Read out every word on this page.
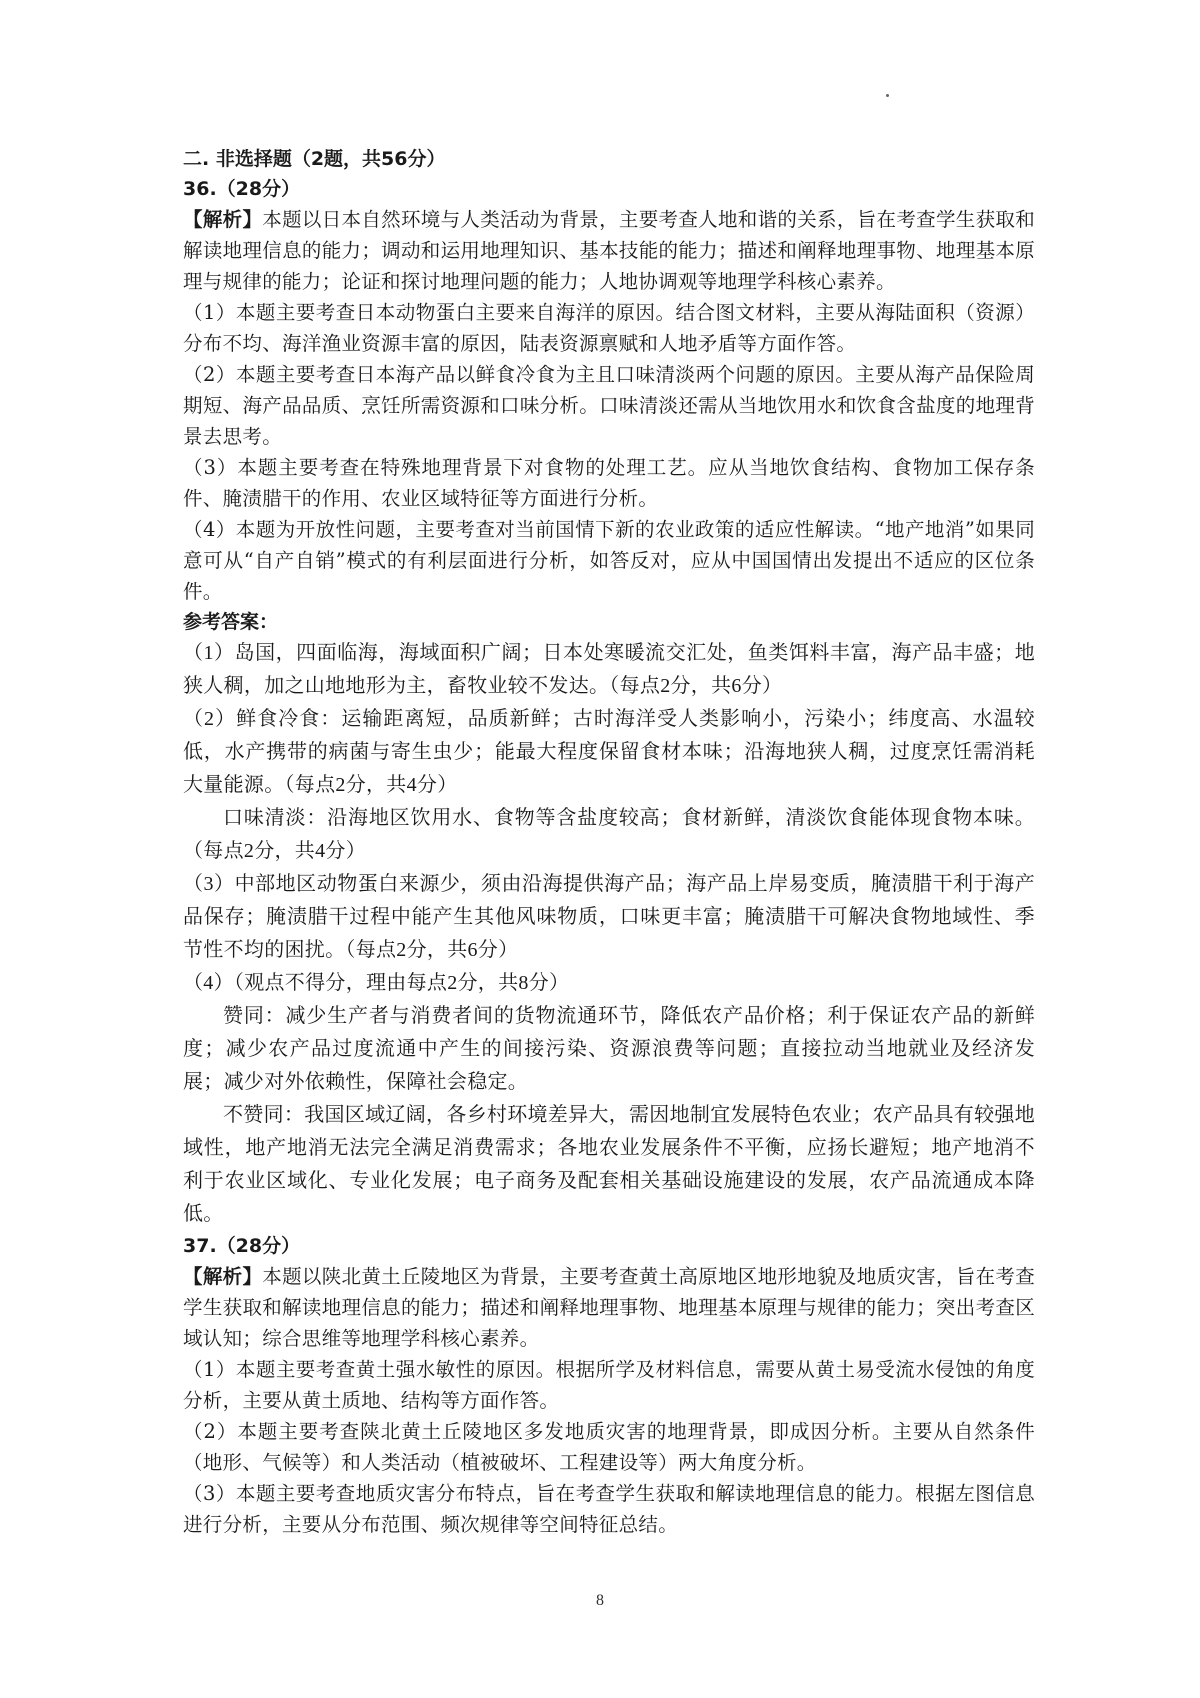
二. 非选择题（2题，共56分）

36.（28分）

【解析】本题以日本自然环境与人类活动为背景，主要考查人地和谐的关系，旨在考查学生获取和解读地理信息的能力；调动和运用地理知识、基本技能的能力；描述和阐释地理事物、地理基本原理与规律的能力；论证和探讨地理问题的能力；人地协调观等地理学科核心素养。

（1）本题主要考查日本动物蛋白主要来自海洋的原因。结合图文材料，主要从海陆面积（资源）分布不均、海洋渔业资源丰富的原因，陆表资源禀赋和人地矛盾等方面作答。

（2）本题主要考查日本海产品以鲜食冷食为主且口味清淡两个问题的原因。主要从海产品保险周期短、海产品品质、烹饪所需资源和口味分析。口味清淡还需从当地饮用水和饮食含盐度的地理背景去思考。

（3）本题主要考查在特殊地理背景下对食物的处理工艺。应从当地饮食结构、食物加工保存条件、腌渍腊干的作用、农业区域特征等方面进行分析。

（4）本题为开放性问题，主要考查对当前国情下新的农业政策的适应性解读。“地产地消”如果同意可从“自产自销”模式的有利层面进行分析，如答反对，应从中国国情出发提出不适应的区位条件。

参考答案：

（1）岛国，四面临海，海域面积广阔；日本处寒暖流交汇处，鱼类饵料丰富，海产品丰盛；地狭人稠，加之山地地形为主，畜牧业较不发达。（每点2分，共6分）

（2）鲜食冷食：运输距离短，品质新鲜；古时海洋受人类影响小，污染小；纬度高、水温较低，水产携带的病菌与寄生虫少；能最大程度保留食材本味；沿海地狭人稠，过度烹饪需消耗大量能源。（每点2分，共4分）

口味清淡：沿海地区饮用水、食物等含盐度较高；食材新鲜，清淡饮食能体现食物本味。（每点2分，共4分）

（3）中部地区动物蛋白来源少，须由沿海提供海产品；海产品上岸易变质，腌渍腊干利于海产品保存；腌渍腊干过程中能产生其他风味物质，口味更丰富；腌渍腊干可解决食物地域性、季节性不均的困扰。（每点2分，共6分）

（4）（观点不得分，理由每点2分，共8分）

赞同：减少生产者与消费者间的货物流通环节，降低农产品价格；利于保证农产品的新鲜度；减少农产品过度流通中产生的间接污染、资源浪费等问题；直接拉动当地就业及经济发展；减少对外依赖性，保障社会稳定。

不赞同：我国区域辽阔，各乡村环境差异大，需因地制宜发展特色农业；农产品具有较强地域性，地产地消无法完全满足消费需求；各地农业发展条件不平衡，应扬长避短；地产地消不利于农业区域化、专业化发展；电子商务及配套相关基础设施建设的发展，农产品流通成本降低。

37.（28分）

【解析】本题以陕北黄土丘陵地区为背景，主要考查黄土高原地区地形地貌及地质灾害，旨在考查学生获取和解读地理信息的能力；描述和阐释地理事物、地理基本原理与规律的能力；突出考查区域认知；综合思维等地理学科核心素养。

（1）本题主要考查黄土强水敏性的原因。根据所学及材料信息，需要从黄土易受流水侵蚀的角度分析，主要从黄土质地、结构等方面作答。

（2）本题主要考查陕北黄土丘陵地区多发地质灾害的地理背景，即成因分析。主要从自然条件（地形、气候等）和人类活动（植被破坏、工程建设等）两大角度分析。

（3）本题主要考查地质灾害分布特点，旨在考查学生获取和解读地理信息的能力。根据左图信息进行分析，主要从分布范围、频次规律等空间特征总结。

8
